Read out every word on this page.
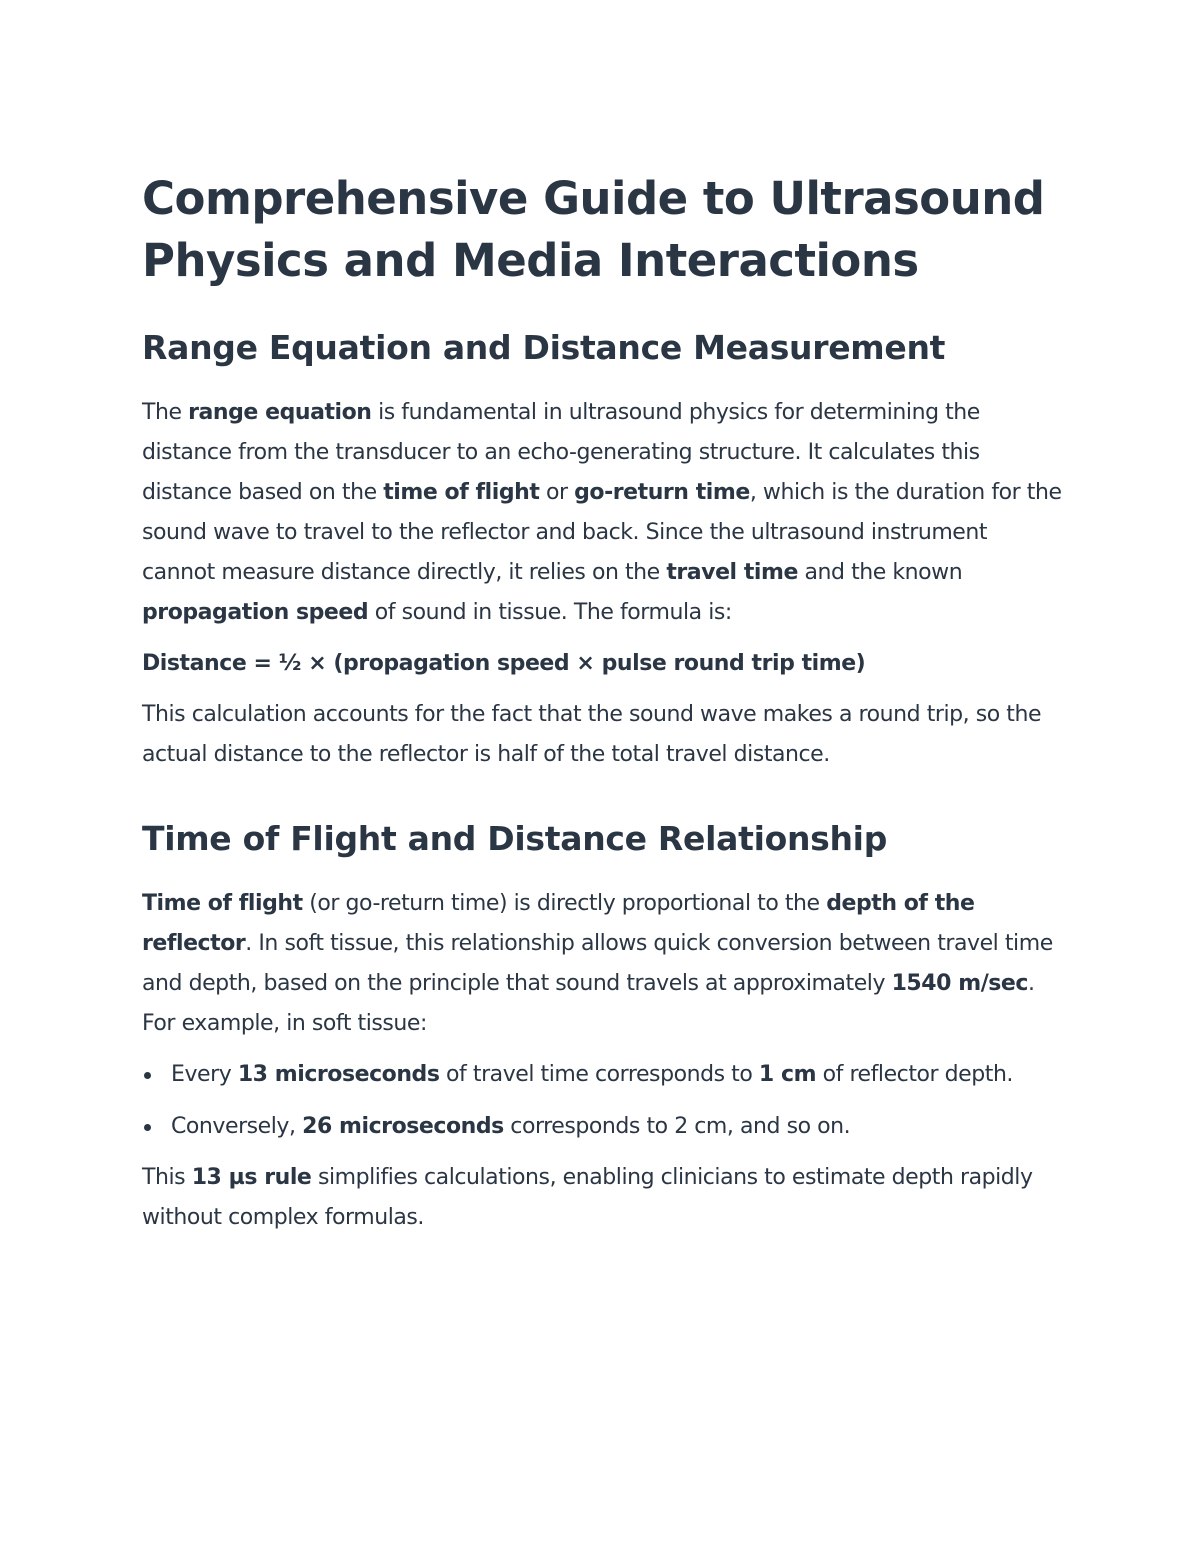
Comprehensive Guide to Ultrasound Physics and Media Interactions
Range Equation and Distance Measurement

The range equation is fundamental in ultrasound physics for determining the distance from the transducer to an echo-generating structure. It calculates this distance based on the time of flight or go-return time, which is the duration for the sound wave to travel to the reflector and back. Since the ultrasound instrument cannot measure distance directly, it relies on the travel time and the known propagation speed of sound in tissue. The formula is:

Distance = ½ × (propagation speed × pulse round trip time)

This calculation accounts for the fact that the sound wave makes a round trip, so the actual distance to the reflector is half of the total travel distance.

Time of Flight and Distance Relationship

Time of flight (or go-return time) is directly proportional to the depth of the reflector. In soft tissue, this relationship allows quick conversion between travel time and depth, based on the principle that sound travels at approximately 1540 m/sec. For example, in soft tissue:

Every 13 microseconds of travel time corresponds to 1 cm of reflector depth.
Conversely, 26 microseconds corresponds to 2 cm, and so on.

This 13 µs rule simplifies calculations, enabling clinicians to estimate depth rapidly without complex formulas.
